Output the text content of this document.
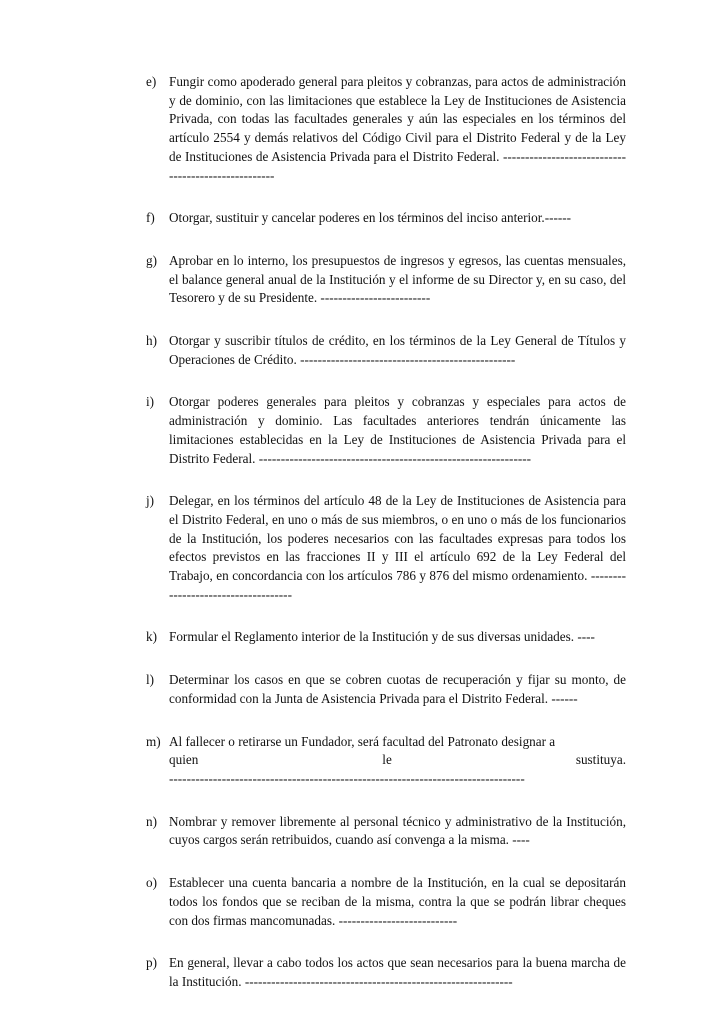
e) Fungir como apoderado general para pleitos y cobranzas, para actos de administración y de dominio, con las limitaciones que establece la Ley de Instituciones de Asistencia Privada, con todas las facultades generales y aún las especiales en los términos del artículo 2554 y demás relativos del Código Civil para el Distrito Federal y de la Ley de Instituciones de Asistencia Privada para el Distrito Federal. ----------------------------------------------------
f) Otorgar, sustituir y cancelar poderes en los términos del inciso anterior.------
g) Aprobar en lo interno, los presupuestos de ingresos y egresos, las cuentas mensuales, el balance general anual de la Institución y el informe de su Director y, en su caso, del Tesorero y de su Presidente. -------------------------
h) Otorgar y suscribir títulos de crédito, en los términos de la Ley General de Títulos y Operaciones de Crédito. -------------------------------------------------
i) Otorgar poderes generales para pleitos y cobranzas y especiales para actos de administración y dominio. Las facultades anteriores tendrán únicamente las limitaciones establecidas en la Ley de Instituciones de Asistencia Privada para el Distrito Federal. --------------------------------------------------------------
j) Delegar, en los términos del artículo 48 de la Ley de Instituciones de Asistencia para el Distrito Federal, en uno o más de sus miembros, o en uno o más de los funcionarios de la Institución, los poderes necesarios con las facultades expresas para todos los efectos previstos en las fracciones II y III el artículo 692 de la Ley Federal del Trabajo, en concordancia con los artículos 786 y 876 del mismo ordenamiento. ------------------------------------
k) Formular el Reglamento interior de la Institución y de sus diversas unidades. ----
l) Determinar los casos en que se cobren cuotas de recuperación y fijar su monto, de conformidad con la Junta de Asistencia Privada para el Distrito Federal. ------
m) Al fallecer o retirarse un Fundador, será facultad del Patronato designar a
quien	le	sustituya.
---------------------------------------------------------------------------------
n) Nombrar y remover libremente al personal técnico y administrativo de la Institución, cuyos cargos serán retribuidos, cuando así convenga a la misma. ----
o) Establecer una cuenta bancaria a nombre de la Institución, en la cual se depositarán todos los fondos que se reciban de la misma, contra la que se podrán librar cheques con dos firmas mancomunadas. ---------------------------
p) En general, llevar a cabo todos los actos que sean necesarios para la buena marcha de la Institución. -------------------------------------------------------------
